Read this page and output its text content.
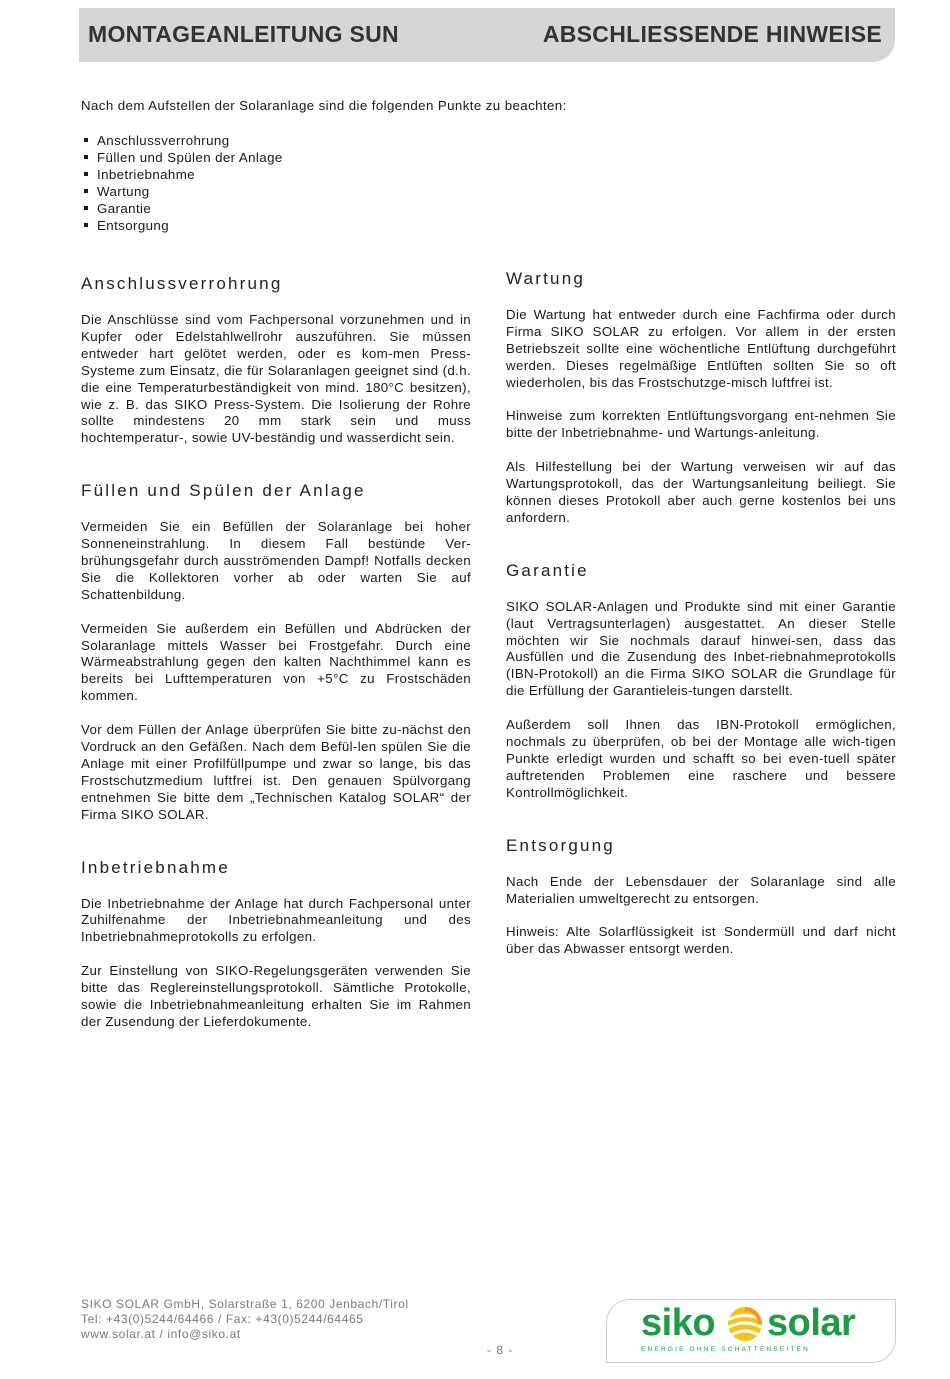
MONTAGEANLEITUNG SUN	ABSCHLIESSENDE HINWEISE
Nach dem Aufstellen der Solaranlage sind die folgenden Punkte zu beachten:
Anschlussverrohrung
Füllen und Spülen der Anlage
Inbetriebnahme
Wartung
Garantie
Entsorgung
Anschlussverrohrung

Die Anschlüsse sind vom Fachpersonal vorzunehmen und in Kupfer oder Edelstahlwellrohr auszuführen. Sie müssen entweder hart gelötet werden, oder es kom-men Press-Systeme zum Einsatz, die für Solaranlagen geeignet sind (d.h. die eine Temperaturbeständigkeit von mind. 180°C besitzen), wie z. B. das SIKO Press-System. Die Isolierung der Rohre sollte mindestens 20 mm stark sein und muss hochtemperatur-, sowie UV-beständig und wasserdicht sein.

Füllen und Spülen der Anlage

Vermeiden Sie ein Befüllen der Solaranlage bei hoher Sonneneinstrahlung. In diesem Fall bestünde Ver-brühungsgefahr durch ausströmenden Dampf! Notfalls decken Sie die Kollektoren vorher ab oder warten Sie auf Schattenbildung.

Vermeiden Sie außerdem ein Befüllen und Abdrücken der Solaranlage mittels Wasser bei Frostgefahr. Durch eine Wärmeabstrahlung gegen den kalten Nachthimmel kann es bereits bei Lufttemperaturen von +5°C zu Frostschäden kommen.

Vor dem Füllen der Anlage überprüfen Sie bitte zu-nächst den Vordruck an den Gefäßen. Nach dem Befül-len spülen Sie die Anlage mit einer Profilfüllpumpe und zwar so lange, bis das Frostschutzmedium luftfrei ist. Den genauen Spülvorgang entnehmen Sie bitte dem „Technischen Katalog SOLAR“ der Firma SIKO SOLAR.

Inbetriebnahme

Die Inbetriebnahme der Anlage hat durch Fachpersonal unter Zuhilfenahme der Inbetriebnahmeanleitung und des Inbetriebnahmeprotokolls zu erfolgen.

Zur Einstellung von SIKO-Regelungsgeräten verwenden Sie bitte das Reglereinstellungsprotokoll. Sämtliche Protokolle, sowie die Inbetriebnahmeanleitung erhalten Sie im Rahmen der Zusendung der Lieferdokumente.

Wartung

Die Wartung hat entweder durch eine Fachfirma oder durch Firma SIKO SOLAR zu erfolgen. Vor allem in der ersten Betriebszeit sollte eine wöchentliche Entlüftung durchgeführt werden. Dieses regelmäßige Entlüften sollten Sie so oft wiederholen, bis das Frostschutzge-misch luftfrei ist.

Hinweise zum korrekten Entlüftungsvorgang ent-nehmen Sie bitte der Inbetriebnahme- und Wartungs-anleitung.

Als Hilfestellung bei der Wartung verweisen wir auf das Wartungsprotokoll, das der Wartungsanleitung beiliegt. Sie können dieses Protokoll aber auch gerne kostenlos bei uns anfordern.

Garantie

SIKO SOLAR-Anlagen und Produkte sind mit einer Garantie (laut Vertragsunterlagen) ausgestattet. An dieser Stelle möchten wir Sie nochmals darauf hinwei-sen, dass das Ausfüllen und die Zusendung des Inbet-riebnahmeprotokolls (IBN-Protokoll) an die Firma SIKO SOLAR die Grundlage für die Erfüllung der Garantieleis-tungen darstellt.

Außerdem soll Ihnen das IBN-Protokoll ermöglichen, nochmals zu überprüfen, ob bei der Montage alle wich-tigen Punkte erledigt wurden und schafft so bei even-tuell später auftretenden Problemen eine raschere und bessere Kontrollmöglichkeit.

Entsorgung

Nach Ende der Lebensdauer der Solaranlage sind alle Materialien umweltgerecht zu entsorgen.

Hinweis: Alte Solarflüssigkeit ist Sondermüll und darf nicht über das Abwasser entsorgt werden.

SIKO SOLAR GmbH, Solarstraße 1, 6200 Jenbach/Tirol
Tel: +43(0)5244/64466 / Fax: +43(0)5244/64465
www.solar.at / info@siko.at
- 8 -
siko solar
ENERGIE OHNE SCHATTENSEITEN
